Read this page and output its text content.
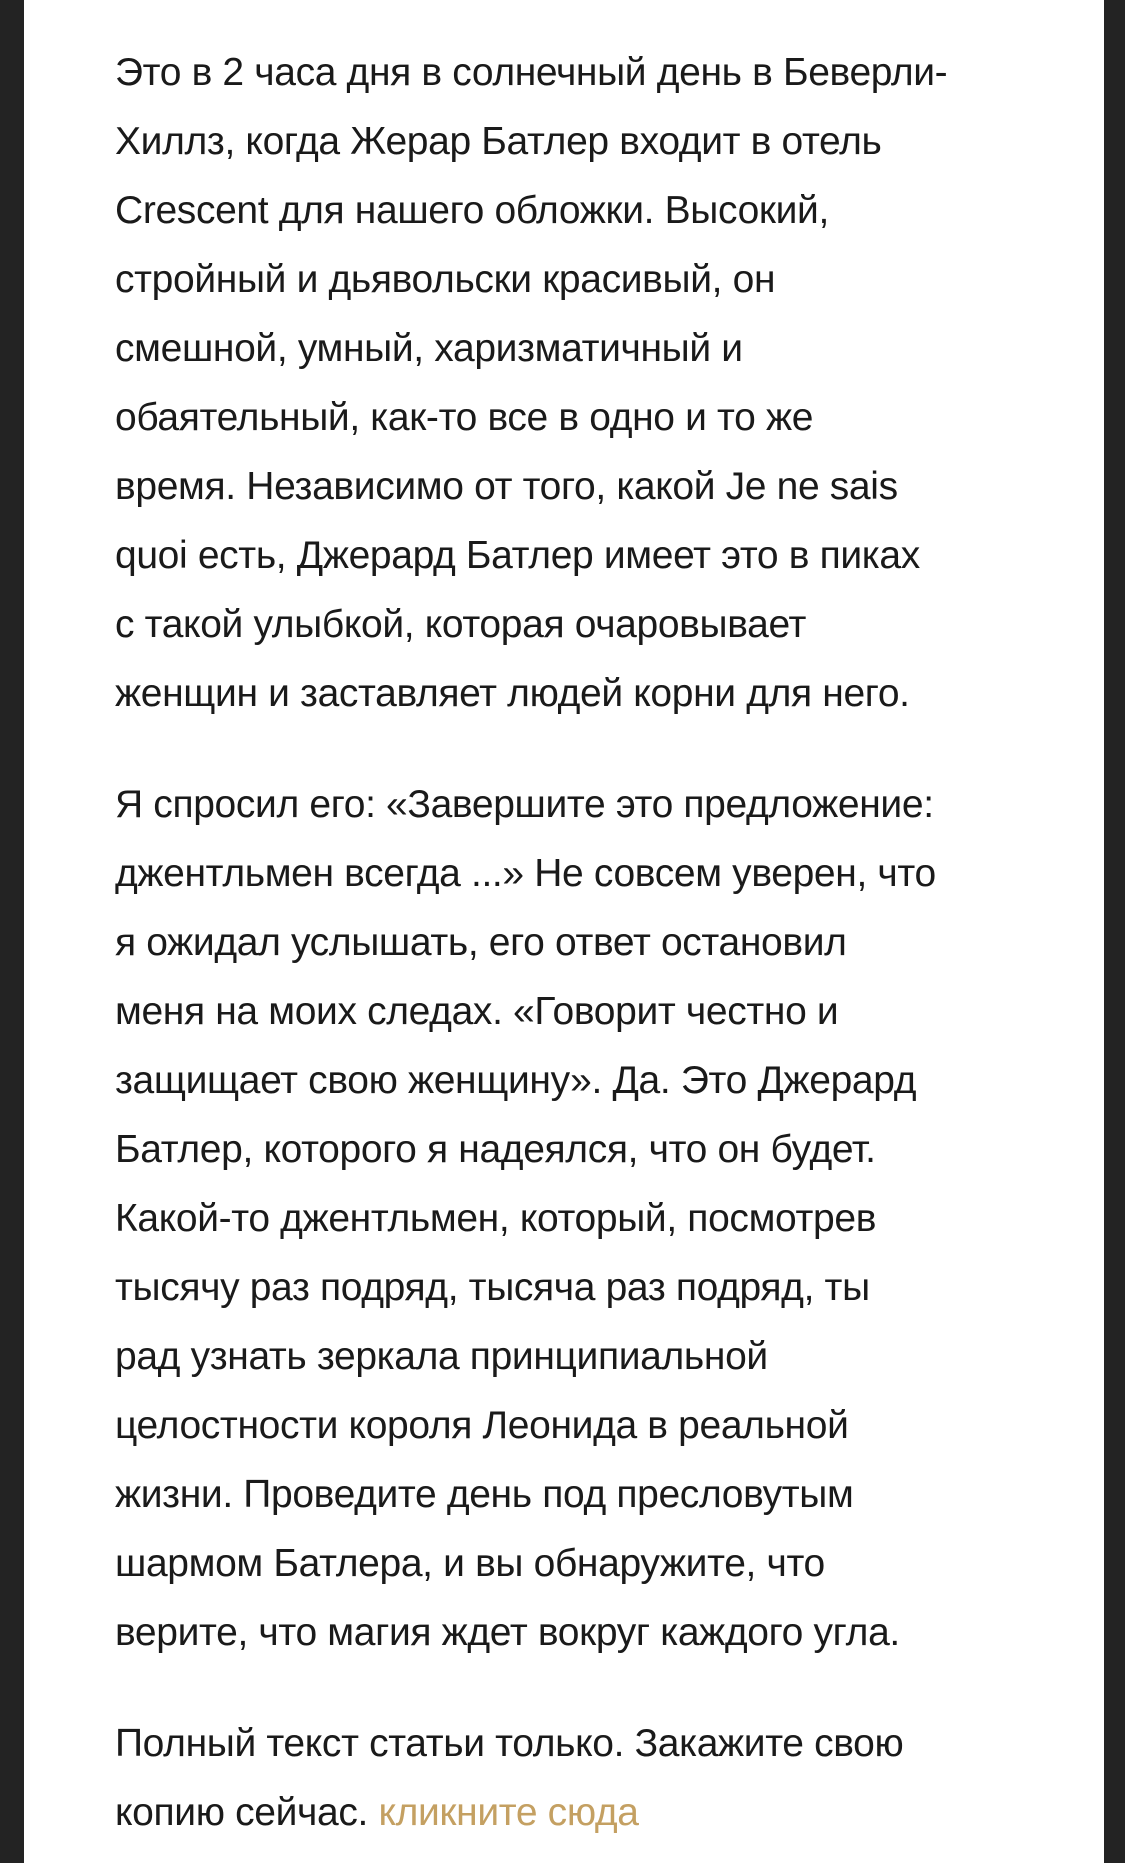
Это в 2 часа дня в солнечный день в Беверли-
Хиллз, когда Жерар Батлер входит в отель
Crescent для нашего обложки. Высокий,
стройный и дьявольски красивый, он
смешной, умный, харизматичный и
обаятельный, как-то все в одно и то же
время. Независимо от того, какой Je ne sais
quoi есть, Джерард Батлер имеет это в пиках
с такой улыбкой, которая очаровывает
женщин и заставляет людей корни для него.

Я спросил его: «Завершите это предложение:
джентльмен всегда ...» Не совсем уверен, что
я ожидал услышать, его ответ остановил
меня на моих следах. «Говорит честно и
защищает свою женщину». Да. Это Джерард
Батлер, которого я надеялся, что он будет.
Какой-то джентльмен, который, посмотрев
тысячу раз подряд, тысяча раз подряд, ты
рад узнать зеркала принципиальной
целостности короля Леонида в реальной
жизни. Проведите день под пресловутым
шармом Батлера, и вы обнаружите, что
верите, что магия ждет вокруг каждого угла.

Полный текст статьи только. Закажите свою
копию сейчас. кликните сюда
